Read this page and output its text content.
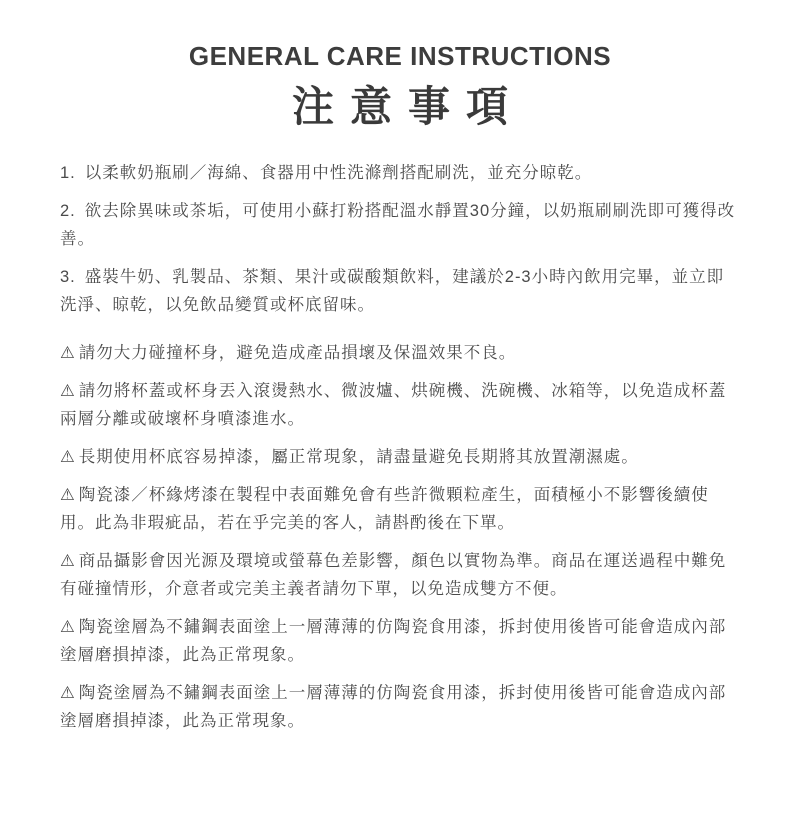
GENERAL CARE INSTRUCTIONS
注意事項

1. 以柔軟奶瓶刷／海綿、食器用中性洗滌劑搭配刷洗，並充分晾乾。

2. 欲去除異味或茶垢，可使用小蘇打粉搭配溫水靜置30分鐘，以奶瓶刷刷洗即可獲得改善。

3. 盛裝牛奶、乳製品、茶類、果汁或碳酸類飲料，建議於2-3小時內飲用完畢，並立即洗淨、晾乾，以免飲品變質或杯底留味。

⚠ 請勿大力碰撞杯身，避免造成產品損壞及保溫效果不良。

⚠ 請勿將杯蓋或杯身丟入滾燙熱水、微波爐、烘碗機、洗碗機、冰箱等，以免造成杯蓋兩層分離或破壞杯身噴漆進水。

⚠ 長期使用杯底容易掉漆，屬正常現象，請盡量避免長期將其放置潮濕處。

⚠ 陶瓷漆／杯緣烤漆在製程中表面難免會有些許微顆粒產生，面積極小不影響後續使用。此為非瑕疵品，若在乎完美的客人，請斟酌後在下單。

⚠ 商品攝影會因光源及環境或螢幕色差影響，顏色以實物為準。商品在運送過程中難免有碰撞情形，介意者或完美主義者請勿下單，以免造成雙方不便。

⚠ 陶瓷塗層為不鏽鋼表面塗上一層薄薄的仿陶瓷食用漆，拆封使用後皆可能會造成內部塗層磨損掉漆，此為正常現象。

⚠ 陶瓷塗層為不鏽鋼表面塗上一層薄薄的仿陶瓷食用漆，拆封使用後皆可能會造成內部塗層磨損掉漆，此為正常現象。
